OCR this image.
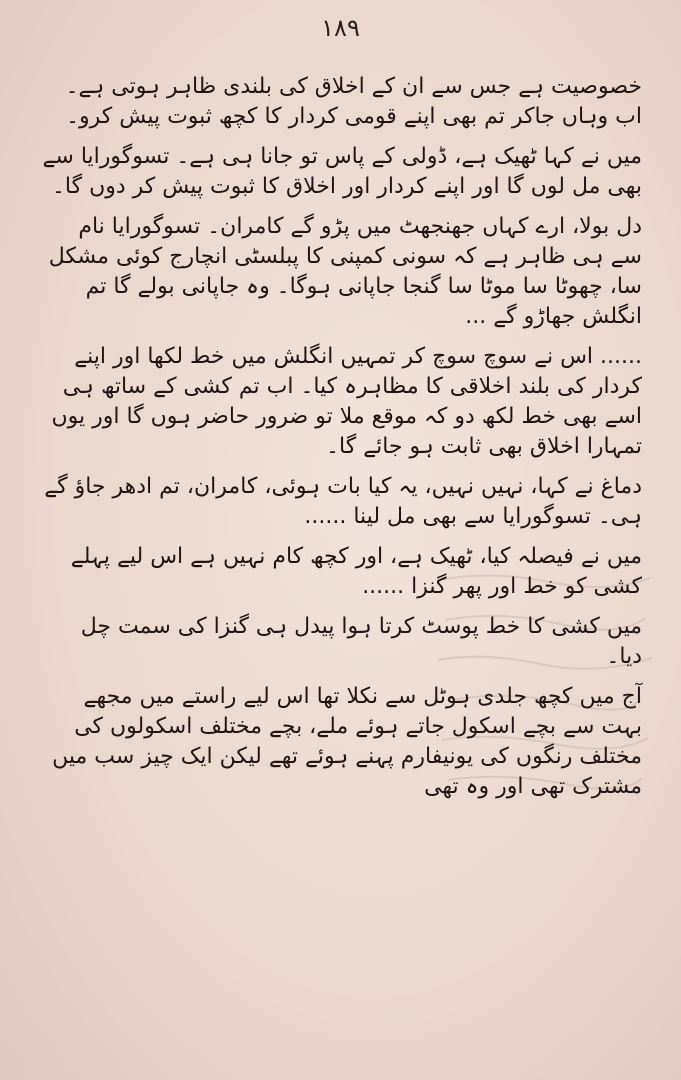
۱۸۹

خصوصیت ہے جس سے ان کے اخلاق کی بلندی ظاہر ہوتی ہے۔ اب وہاں جاکر تم بھی اپنے قومی کردار کا کچھ ثبوت پیش کرو۔

میں نے کہا ٹھیک ہے، ڈولی کے پاس تو جانا ہی ہے۔ تسوگورایا سے بھی مل لوں گا اور اپنے کردار اور اخلاق کا ثبوت پیش کر دوں گا۔

دل بولا، ارے کہاں جھنجھٹ میں پڑو گے کامران۔ تسوگورایا نام سے ہی ظاہر ہے کہ سونی کمپنی کا پبلسٹی انچارج کوئی مشکل سا، چھوٹا سا موٹا سا گنجا جاپانی ہوگا۔ وہ جاپانی بولے گا تم انگلش جھاڑو گے ...

...... اس نے سوچ سوچ کر تمہیں انگلش میں خط لکھا اور اپنے کردار کی بلند اخلاقی کا مظاہرہ کیا۔ اب تم کشی کے ساتھ ہی اسے بھی خط لکھ دو کہ موقع ملا تو ضرور حاضر ہوں گا اور یوں تمہارا اخلاق بھی ثابت ہو جائے گا۔

دماغ نے کہا، نہیں نہیں، یہ کیا بات ہوئی، کامران، تم ادھر جاؤ گے ہی۔ تسوگورایا سے بھی مل لینا ......

میں نے فیصلہ کیا، ٹھیک ہے، اور کچھ کام نہیں ہے اس لیے پہلے کشی کو خط اور پھر گنزا ......

میں کشی کا خط پوسٹ کرتا ہوا پیدل ہی گنزا کی سمت چل دیا۔

آج میں کچھ جلدی ہوٹل سے نکلا تھا اس لیے راستے میں مجھے بہت سے بچے اسکول جاتے ہوئے ملے، بچے مختلف اسکولوں کی مختلف رنگوں کی یونیفارم پہنے ہوئے تھے لیکن ایک چیز سب میں مشترک تھی اور وہ تھی
